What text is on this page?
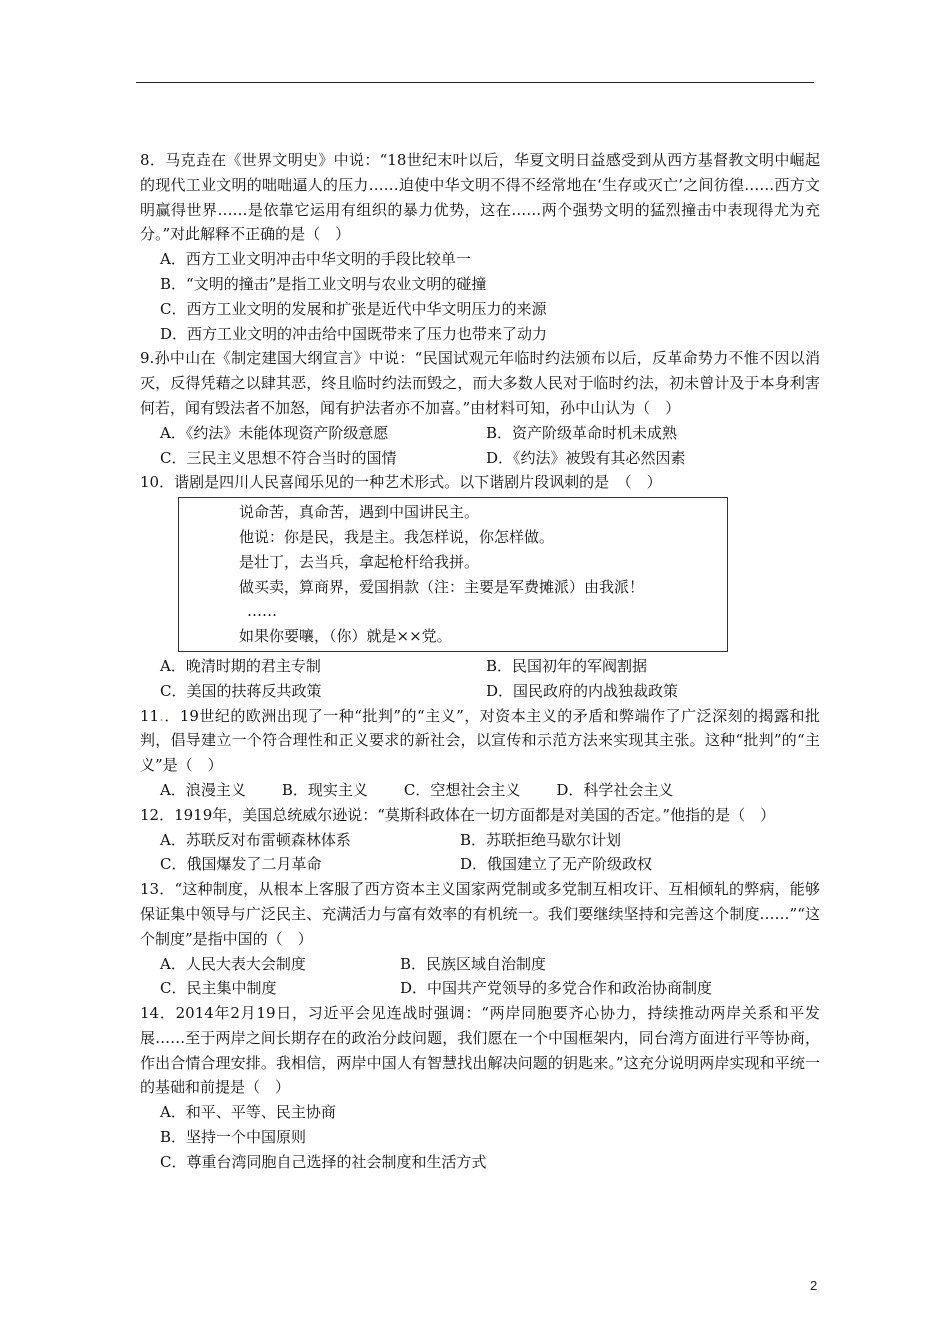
8．马克垚在《世界文明史》中说：“18世纪末叶以后，华夏文明日益感受到从西方基督教文明中崛起的现代工业文明的咄咄逼人的压力……迫使中华文明不得不经常地在‘生存或灭亡’之间彷徨……西方文明赢得世界……是依靠它运用有组织的暴力优势，这在……两个强势文明的猛烈撞击中表现得尤为充分。”对此解释不正确的是（　）
A．西方工业文明冲击中华文明的手段比较单一
B．“文明的撞击”是指工业文明与农业文明的碰撞
C．西方工业文明的发展和扩张是近代中华文明压力的来源
D．西方工业文明的冲击给中国既带来了压力也带来了动力
9.孙中山在《制定建国大纲宣言》中说：“民国试观元年临时约法颁布以后，反革命势力不惟不因以消灭，反得凭藉之以肆其恶，终且临时约法而毁之，而大多数人民对于临时约法，初未曾计及于本身利害何若，闻有毁法者不加怒，闻有护法者亦不加喜。”由材料可知，孙中山认为（　）
A．《约法》未能体现资产阶级意愿	B．资产阶级革命时机未成熟
C．三民主义思想不符合当时的国情	D．《约法》被毁有其必然因素
10．谐剧是四川人民喜闻乐见的一种艺术形式。以下谐剧片段讽刺的是　（　）
说命苦，真命苦，遇到中国讲民主。
他说：你是民，我是主。我怎样说，你怎样做。
是壮丁，去当兵，拿起枪杆给我拼。
做买卖，算商界，爱国捐款（注：主要是军费摊派）由我派！
……
如果你要嚷，（你）就是××党。
A．晚清时期的君主专制	B．民国初年的军阀割据
C．美国的扶蒋反共政策	D．国民政府的内战独裁政策
11.．19世纪的欧洲出现了一种“批判”的“主义”，对资本主义的矛盾和弊端作了广泛深刻的揭露和批判，倡导建立一个符合理性和正义要求的新社会，以宣传和示范方法来实现其主张。这种“批判”的“主义”是（　）
A．浪漫主义 B．现实主义 C．空想社会主义 D．科学社会主义
12．1919年，美国总统威尔逊说：“莫斯科政体在一切方面都是对美国的否定。”他指的是（　）
A．苏联反对布雷顿森林体系	B．苏联拒绝马歇尔计划
C．俄国爆发了二月革命	D．俄国建立了无产阶级政权
13．“这种制度，从根本上客服了西方资本主义国家两党制或多党制互相攻讦、互相倾轧的弊病，能够保证集中领导与广泛民主、充满活力与富有效率的有机统一。我们要继续坚持和完善这个制度……”“这个制度”是指中国的（　）
A．人民大表大会制度	B．民族区域自治制度
C．民主集中制度	D．中国共产党领导的多党合作和政治协商制度
14．2014年2月19日，习近平会见连战时强调：“两岸同胞要齐心协力，持续推动两岸关系和平发展……至于两岸之间长期存在的政治分歧问题，我们愿在一个中国框架内，同台湾方面进行平等协商，作出合情合理安排。我相信，两岸中国人有智慧找出解决问题的钥匙来。”这充分说明两岸实现和平统一的基础和前提是（　）
A．和平、平等、民主协商
B．坚持一个中国原则
C．尊重台湾同胞自己选择的社会制度和生活方式
2
